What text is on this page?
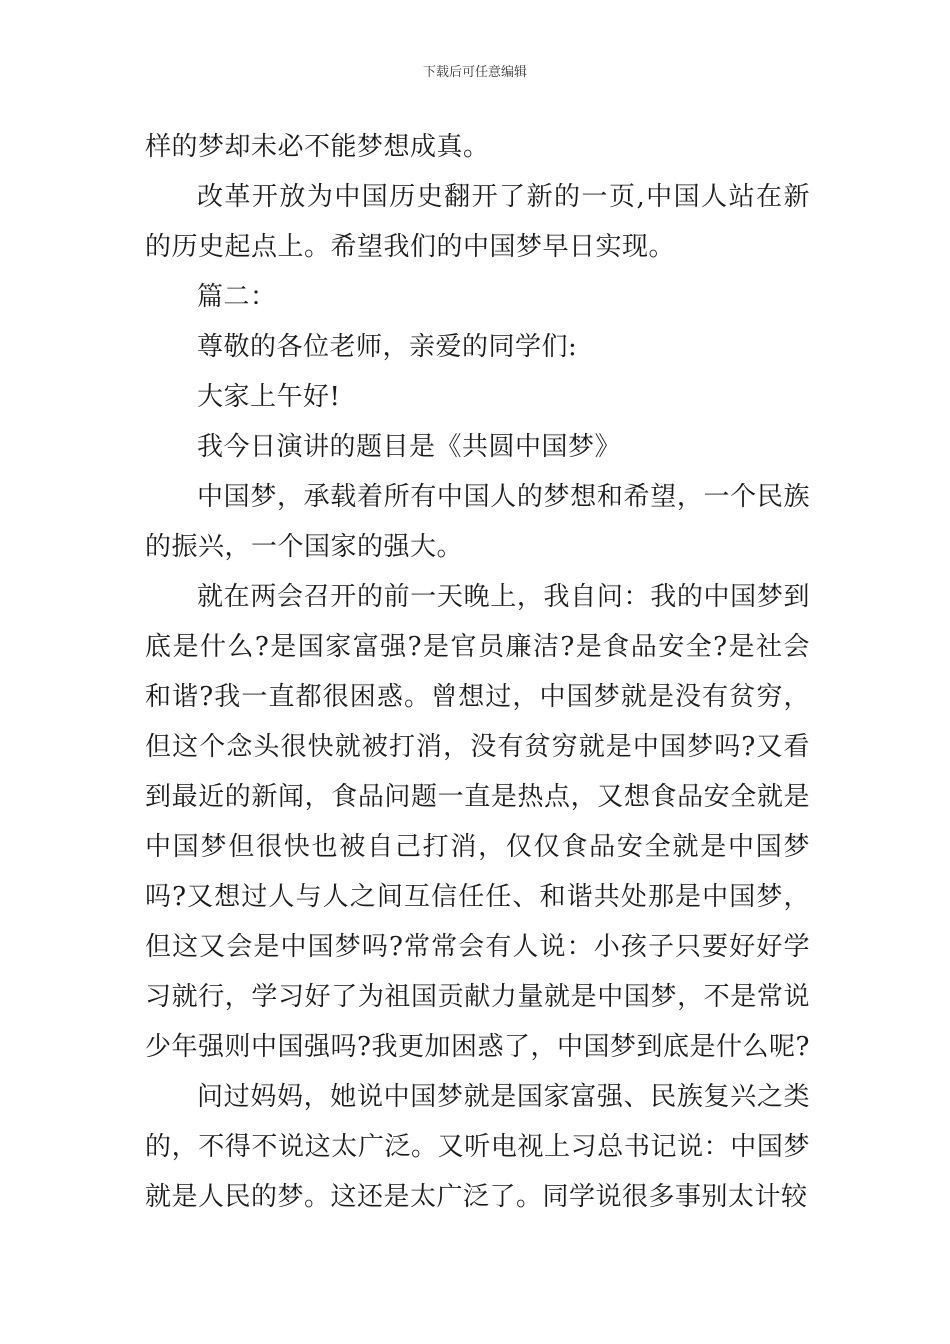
下载后可任意编辑

样的梦却未必不能梦想成真。

改革开放为中国历史翻开了新的一页,中国人站在新的历史起点上。希望我们的中国梦早日实现。

篇二：

尊敬的各位老师，亲爱的同学们:

大家上午好!

我今日演讲的题目是《共圆中国梦》

中国梦，承载着所有中国人的梦想和希望，一个民族的振兴，一个国家的强大。

就在两会召开的前一天晚上，我自问：我的中国梦到底是什么?是国家富强?是官员廉洁?是食品安全?是社会和谐?我一直都很困惑。曾想过，中国梦就是没有贫穷，但这个念头很快就被打消，没有贫穷就是中国梦吗?又看到最近的新闻，食品问题一直是热点，又想食品安全就是中国梦但很快也被自己打消，仅仅食品安全就是中国梦吗?又想过人与人之间互信任任、和谐共处那是中国梦，但这又会是中国梦吗?常常会有人说：小孩子只要好好学习就行，学习好了为祖国贡献力量就是中国梦，不是常说少年强则中国强吗?我更加困惑了，中国梦到底是什么呢?

问过妈妈，她说中国梦就是国家富强、民族复兴之类的，不得不说这太广泛。又听电视上习总书记说：中国梦就是人民的梦。这还是太广泛了。同学说很多事别太计较
